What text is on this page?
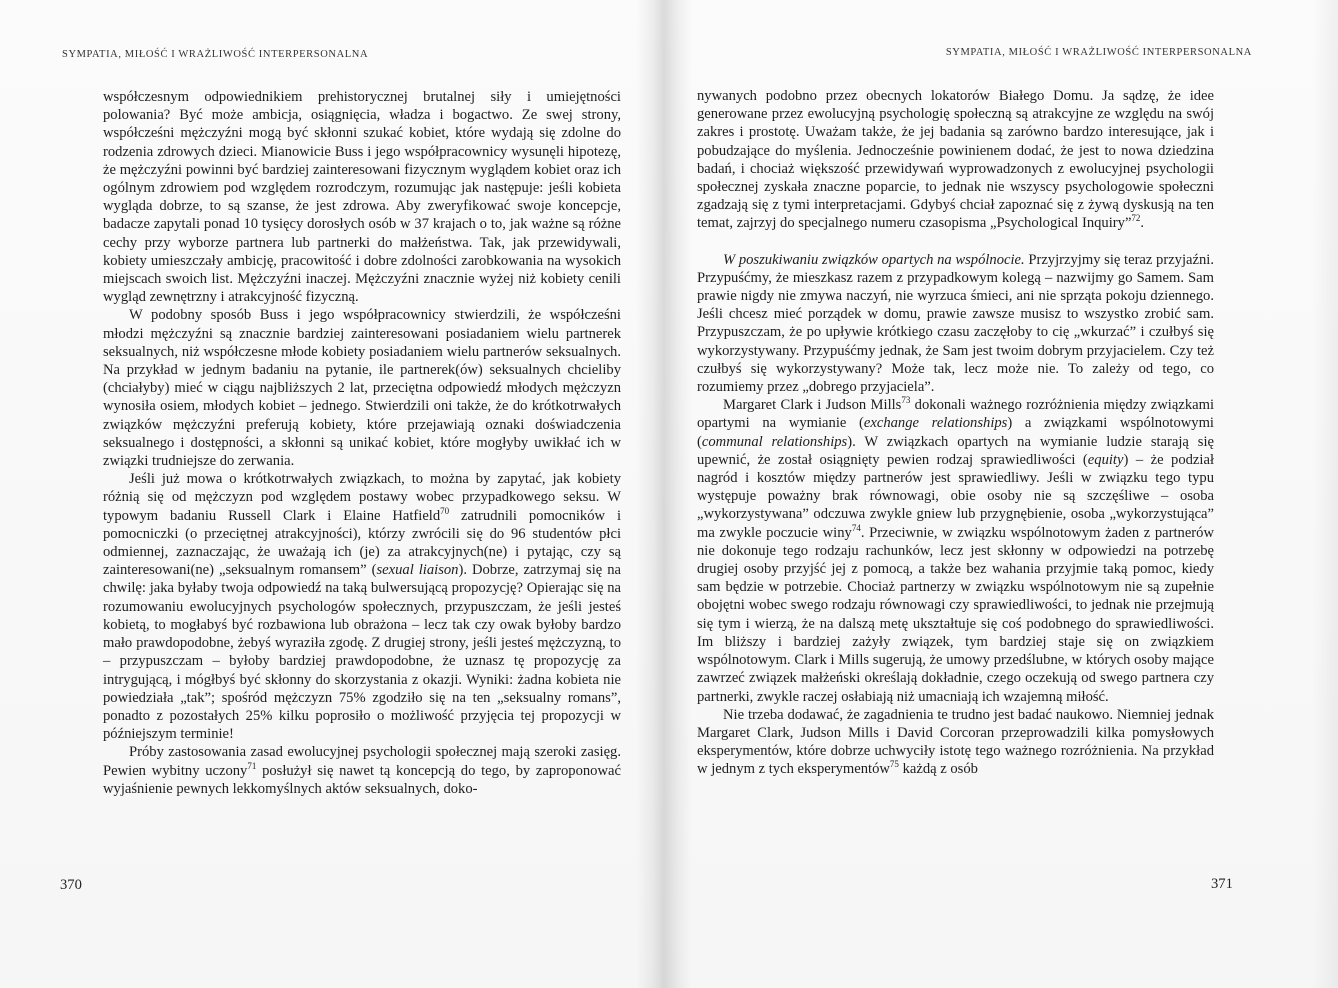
SYMPATIA, MIŁOŚĆ I WRAŻLIWOŚĆ INTERPERSONALNA	SYMPATIA, MIŁOŚĆ I WRAŻLIWOŚĆ INTERPERSONALNA

współczesnym odpowiednikiem prehistorycznej brutalnej siły i umiejętności polowania? Być może ambicja, osiągnięcia, władza i bogactwo. Ze swej strony, współcześni mężczyźni mogą być skłonni szukać kobiet, które wydają się zdolne do rodzenia zdrowych dzieci. Mianowicie Buss i jego współpracownicy wysunęli hipotezę, że mężczyźni powinni być bardziej zainteresowani fizycznym wyglądem kobiet oraz ich ogólnym zdrowiem pod względem rozrodczym, rozumując jak następuje: jeśli kobieta wygląda dobrze, to są szanse, że jest zdrowa. Aby zweryfikować swoje koncepcje, badacze zapytali ponad 10 tysięcy dorosłych osób w 37 krajach o to, jak ważne są różne cechy przy wyborze partnera lub partnerki do małżeństwa. Tak, jak przewidywali, kobiety umieszczały ambicję, pracowitość i dobre zdolności zarobkowania na wysokich miejscach swoich list. Mężczyźni inaczej. Mężczyźni znacznie wyżej niż kobiety cenili wygląd zewnętrzny i atrakcyjność fizyczną.

W podobny sposób Buss i jego współpracownicy stwierdzili, że współcześni młodzi mężczyźni są znacznie bardziej zainteresowani posiadaniem wielu partnerek seksualnych, niż współczesne młode kobiety posiadaniem wielu partnerów seksualnych. Na przykład w jednym badaniu na pytanie, ile partnerek(ów) seksualnych chcieliby (chciałyby) mieć w ciągu najbliższych 2 lat, przeciętna odpowiedź młodych mężczyzn wynosiła osiem, młodych kobiet – jednego. Stwierdzili oni także, że do krótkotrwałych związków mężczyźni preferują kobiety, które przejawiają oznaki doświadczenia seksualnego i dostępności, a skłonni są unikać kobiet, które mogłyby uwikłać ich w związki trudniejsze do zerwania.

Jeśli już mowa o krótkotrwałych związkach, to można by zapytać, jak kobiety różnią się od mężczyzn pod względem postawy wobec przypadkowego seksu. W typowym badaniu Russell Clark i Elaine Hatfield$^{70}$ zatrudnili pomocników i pomocniczki (o przeciętnej atrakcyjności), którzy zwrócili się do 96 studentów płci odmiennej, zaznaczając, że uważają ich (je) za atrakcyjnych(ne) i pytając, czy są zainteresowani(ne) „seksualnym romansem” (sexual liaison). Dobrze, zatrzymaj się na chwilę: jaka byłaby twoja odpowiedź na taką bulwersującą propozycję? Opierając się na rozumowaniu ewolucyjnych psychologów społecznych, przypuszczam, że jeśli jesteś kobietą, to mogłabyś być rozbawiona lub obrażona – lecz tak czy owak byłoby bardzo mało prawdopodobne, żebyś wyraziła zgodę. Z drugiej strony, jeśli jesteś mężczyzną, to – przypuszczam – byłoby bardziej prawdopodobne, że uznasz tę propozycję za intrygującą, i mógłbyś być skłonny do skorzystania z okazji. Wyniki: żadna kobieta nie powiedziała „tak”; spośród mężczyzn 75% zgodziło się na ten „seksualny romans”, ponadto z pozostałych 25% kilku poprosiło o możliwość przyjęcia tej propozycji w późniejszym terminie!

Próby zastosowania zasad ewolucyjnej psychologii społecznej mają szeroki zasięg. Pewien wybitny uczony$^{71}$ posłużył się nawet tą koncepcją do tego, by zaproponować wyjaśnienie pewnych lekkomyślnych aktów seksualnych, doko-

nywanych podobno przez obecnych lokatorów Białego Domu. Ja sądzę, że idee generowane przez ewolucyjną psychologię społeczną są atrakcyjne ze względu na swój zakres i prostotę. Uważam także, że jej badania są zarówno bardzo interesujące, jak i pobudzające do myślenia. Jednocześnie powinienem dodać, że jest to nowa dziedzina badań, i chociaż większość przewidywań wyprowadzonych z ewolucyjnej psychologii społecznej zyskała znaczne poparcie, to jednak nie wszyscy psychologowie społeczni zgadzają się z tymi interpretacjami. Gdybyś chciał zapoznać się z żywą dyskusją na ten temat, zajrzyj do specjalnego numeru czasopisma „Psychological Inquiry”$^{72}$.

W poszukiwaniu związków opartych na wspólnocie. Przyjrzyjmy się teraz przyjaźni. Przypuśćmy, że mieszkasz razem z przypadkowym kolegą – nazwijmy go Samem. Sam prawie nigdy nie zmywa naczyń, nie wyrzuca śmieci, ani nie sprząta pokoju dziennego. Jeśli chcesz mieć porządek w domu, prawie zawsze musisz to wszystko zrobić sam. Przypuszczam, że po upływie krótkiego czasu zaczęłoby to cię „wkurzać” i czułbyś się wykorzystywany. Przypuśćmy jednak, że Sam jest twoim dobrym przyjacielem. Czy też czułbyś się wykorzystywany? Może tak, lecz może nie. To zależy od tego, co rozumiemy przez „dobrego przyjaciela”.

Margaret Clark i Judson Mills$^{73}$ dokonali ważnego rozróżnienia między związkami opartymi na wymianie (exchange relationships) a związkami wspólnotowymi (communal relationships). W związkach opartych na wymianie ludzie starają się upewnić, że został osiągnięty pewien rodzaj sprawiedliwości (equity) – że podział nagród i kosztów między partnerów jest sprawiedliwy. Jeśli w związku tego typu występuje poważny brak równowagi, obie osoby nie są szczęśliwe – osoba „wykorzystywana” odczuwa zwykle gniew lub przygnębienie, osoba „wykorzystująca” ma zwykle poczucie winy$^{74}$. Przeciwnie, w związku wspólnotowym żaden z partnerów nie dokonuje tego rodzaju rachunków, lecz jest skłonny w odpowiedzi na potrzebę drugiej osoby przyjść jej z pomocą, a także bez wahania przyjmie taką pomoc, kiedy sam będzie w potrzebie. Chociaż partnerzy w związku wspólnotowym nie są zupełnie obojętni wobec swego rodzaju równowagi czy sprawiedliwości, to jednak nie przejmują się tym i wierzą, że na dalszą metę ukształtuje się coś podobnego do sprawiedliwości. Im bliższy i bardziej zażyły związek, tym bardziej staje się on związkiem wspólnotowym. Clark i Mills sugerują, że umowy przedślubne, w których osoby mające zawrzeć związek małżeński określają dokładnie, czego oczekują od swego partnera czy partnerki, zwykle raczej osłabiają niż umacniają ich wzajemną miłość.

Nie trzeba dodawać, że zagadnienia te trudno jest badać naukowo. Niemniej jednak Margaret Clark, Judson Mills i David Corcoran przeprowadzili kilka pomysłowych eksperymentów, które dobrze uchwyciły istotę tego ważnego rozróżnienia. Na przykład w jednym z tych eksperymentów$^{75}$ każdą z osób

370	371
